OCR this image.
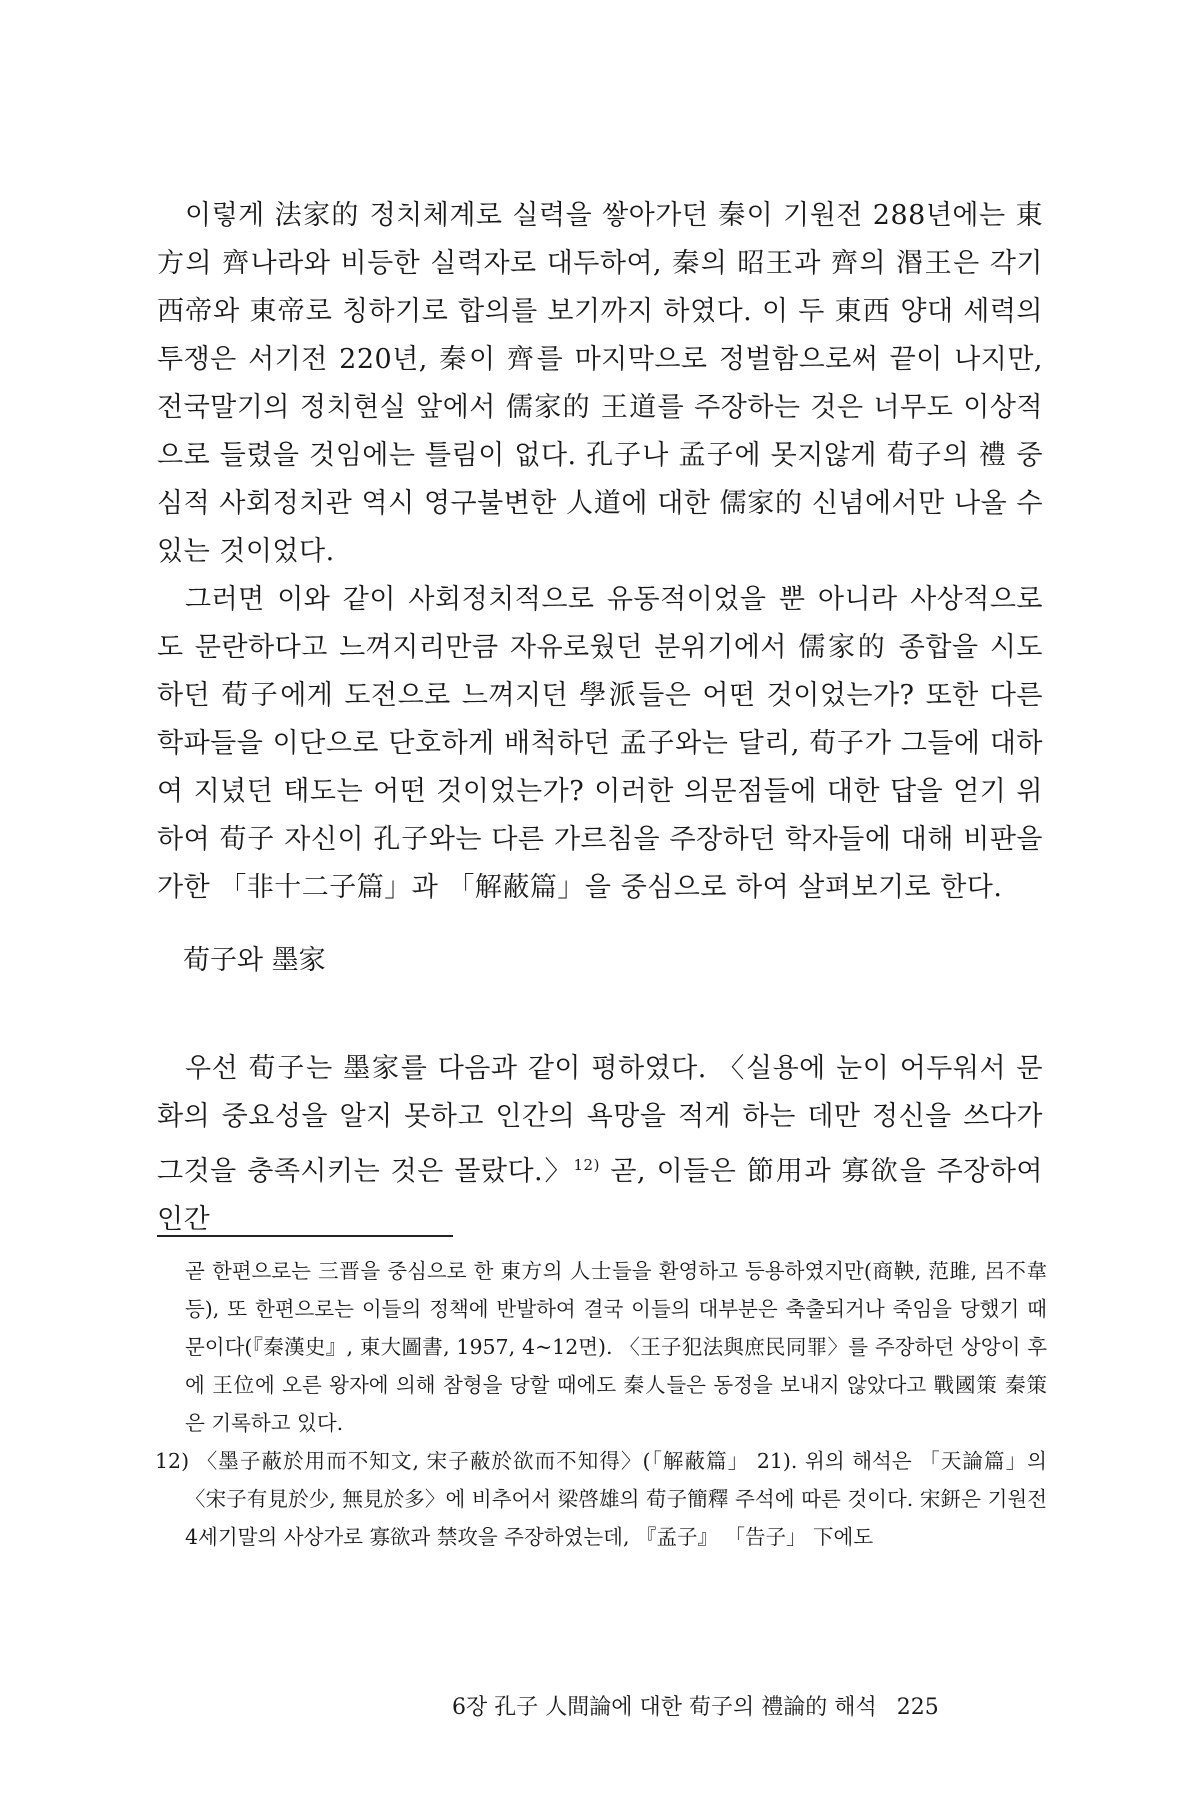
이렇게 法家的 정치체계로 실력을 쌓아가던 秦이 기원전 288년에는 東方의 齊나라와 비등한 실력자로 대두하여, 秦의 昭王과 齊의 湣王은 각기 西帝와 東帝로 칭하기로 합의를 보기까지 하였다. 이 두 東西 양대 세력의 투쟁은 서기전 220년, 秦이 齊를 마지막으로 정벌함으로써 끝이 나지만, 전국말기의 정치현실 앞에서 儒家的 王道를 주장하는 것은 너무도 이상적으로 들렸을 것임에는 틀림이 없다. 孔子나 孟子에 못지않게 荀子의 禮 중심적 사회정치관 역시 영구불변한 人道에 대한 儒家的 신념에서만 나올 수 있는 것이었다.

그러면 이와 같이 사회정치적으로 유동적이었을 뿐 아니라 사상적으로도 문란하다고 느껴지리만큼 자유로웠던 분위기에서 儒家的 종합을 시도하던 荀子에게 도전으로 느껴지던 學派들은 어떤 것이었는가? 또한 다른 학파들을 이단으로 단호하게 배척하던 孟子와는 달리, 荀子가 그들에 대하여 지녔던 태도는 어떤 것이었는가? 이러한 의문점들에 대한 답을 얻기 위하여 荀子 자신이 孔子와는 다른 가르침을 주장하던 학자들에 대해 비판을 가한 「非十二子篇」과 「解蔽篇」을 중심으로 하여 살펴보기로 한다.

荀子와 墨家

우선 荀子는 墨家를 다음과 같이 평하였다. 〈실용에 눈이 어두워서 문화의 중요성을 알지 못하고 인간의 욕망을 적게 하는 데만 정신을 쓰다가 그것을 충족시키는 것은 몰랐다.〉$^{12)}$ 곧, 이들은 節用과 寡欲을 주장하여 인간

곧 한편으로는 三晋을 중심으로 한 東方의 人士들을 환영하고 등용하였지만(商鞅, 范雎, 呂不韋 등), 또 한편으로는 이들의 정책에 반발하여 결국 이들의 대부분은 축출되거나 죽임을 당했기 때문이다(『秦漢史』, 東大圖書, 1957, 4~12면). 〈王子犯法與庶民同罪〉를 주장하던 상앙이 후에 王位에 오른 왕자에 의해 참형을 당할 때에도 秦人들은 동정을 보내지 않았다고 戰國策 秦策은 기록하고 있다.

12) 〈墨子蔽於用而不知文, 宋子蔽於欲而不知得〉(「解蔽篇」 21). 위의 해석은 「天論篇」의 〈宋子有見於少, 無見於多〉에 비추어서 梁啓雄의 荀子簡釋 주석에 따른 것이다. 宋鈃은 기원전 4세기말의 사상가로 寡欲과 禁攻을 주장하였는데, 『孟子』 「告子」 下에도

6장 孔子 人間論에 대한 荀子의 禮論的 해석 225
